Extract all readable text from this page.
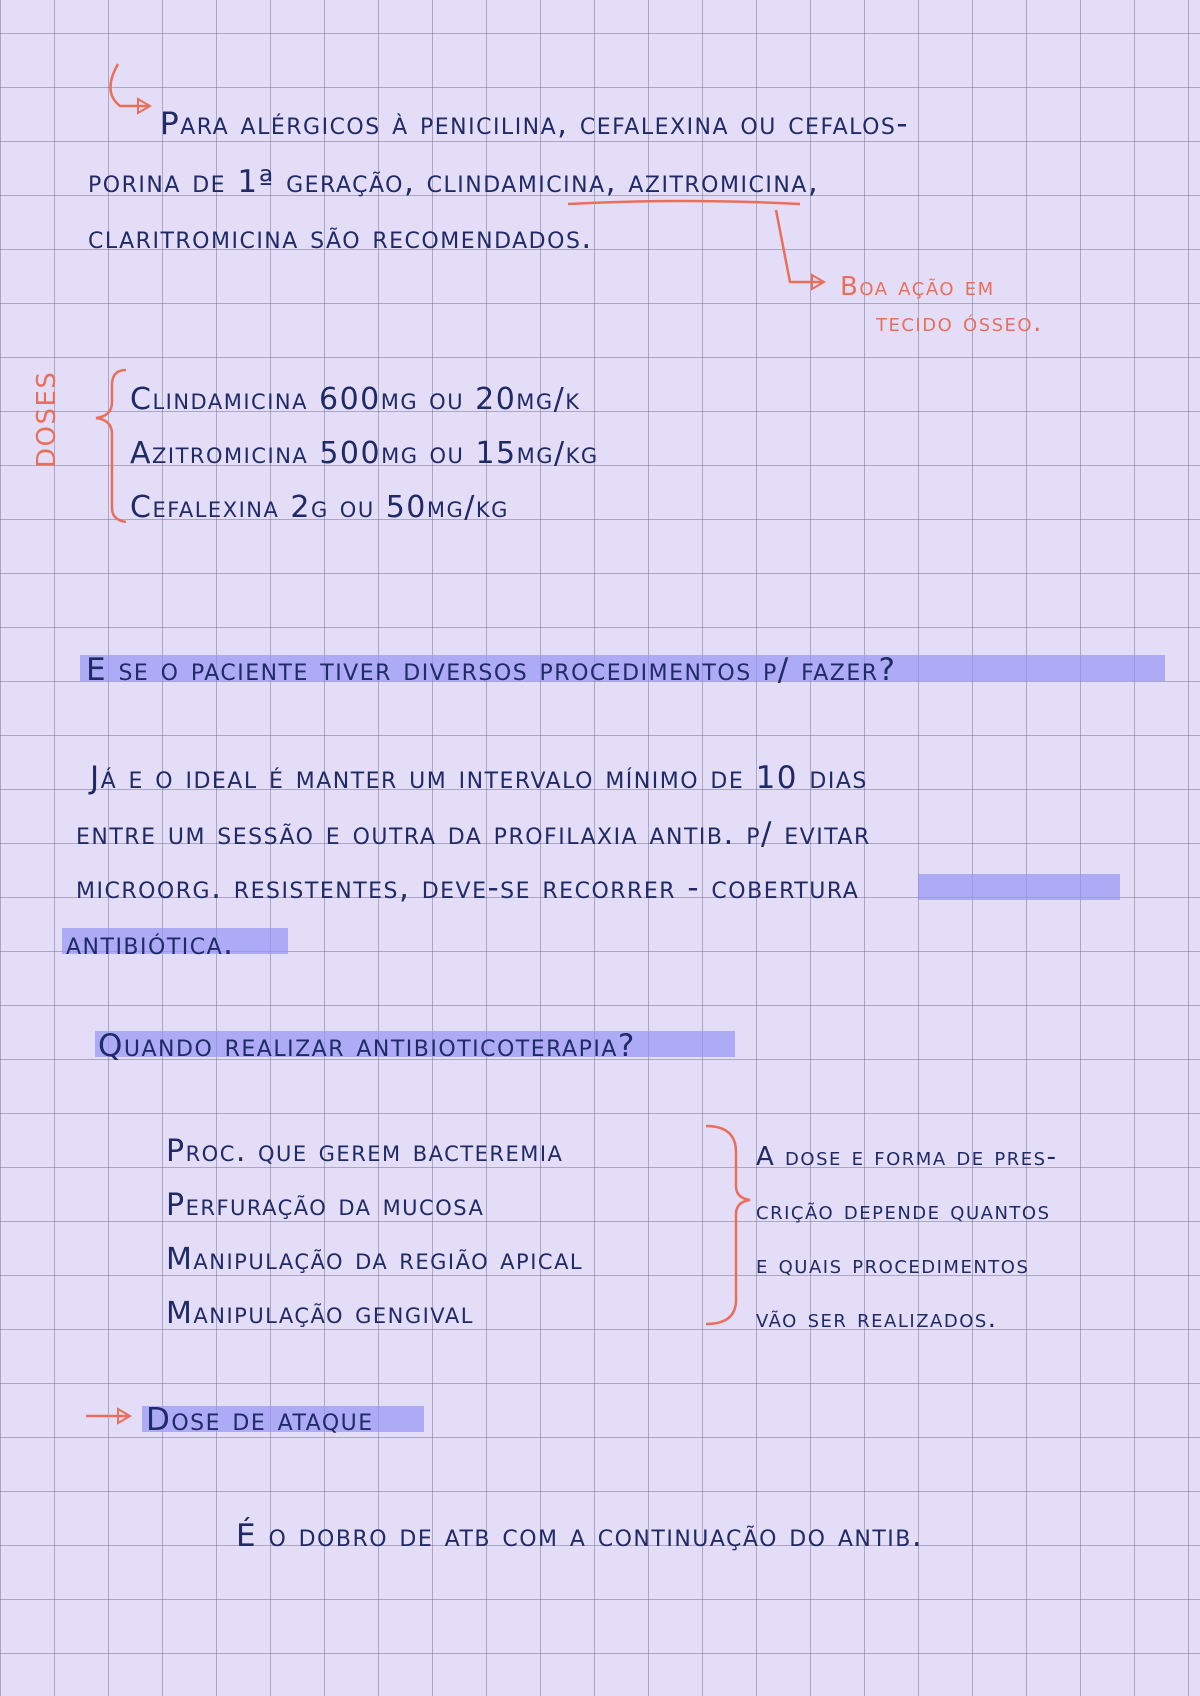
Para alérgicos à penicilina, cefalexina ou cefalos-
porina de 1ª geração, clindamicina, azitromicina,
claritromicina são recomendados.
Boa ação em
tecido ósseo.
DOSES Clindamicina 600mg ou 20mg/k
Azitromicina 500mg ou 15mg/kg
Cefalexina 2g ou 50mg/kg
E se o paciente tiver diversos procedimentos p/ fazer?
Já e o ideal é manter um intervalo mínimo de 10 dias
entre um sessão e outra da profilaxia antib. p/ evitar
microorg. resistentes, deve-se recorrer - cobertura
antibiótica.
Quando realizar antibioticoterapia?
Proc. que gerem bacteremia
Perfuração da mucosa
Manipulação da região apical
Manipulação gengival
A dose e forma de pres-
crição depende quantos
e quais procedimentos
vão ser realizados.
Dose de ataque
É o dobro de atb com a continuação do antib.
